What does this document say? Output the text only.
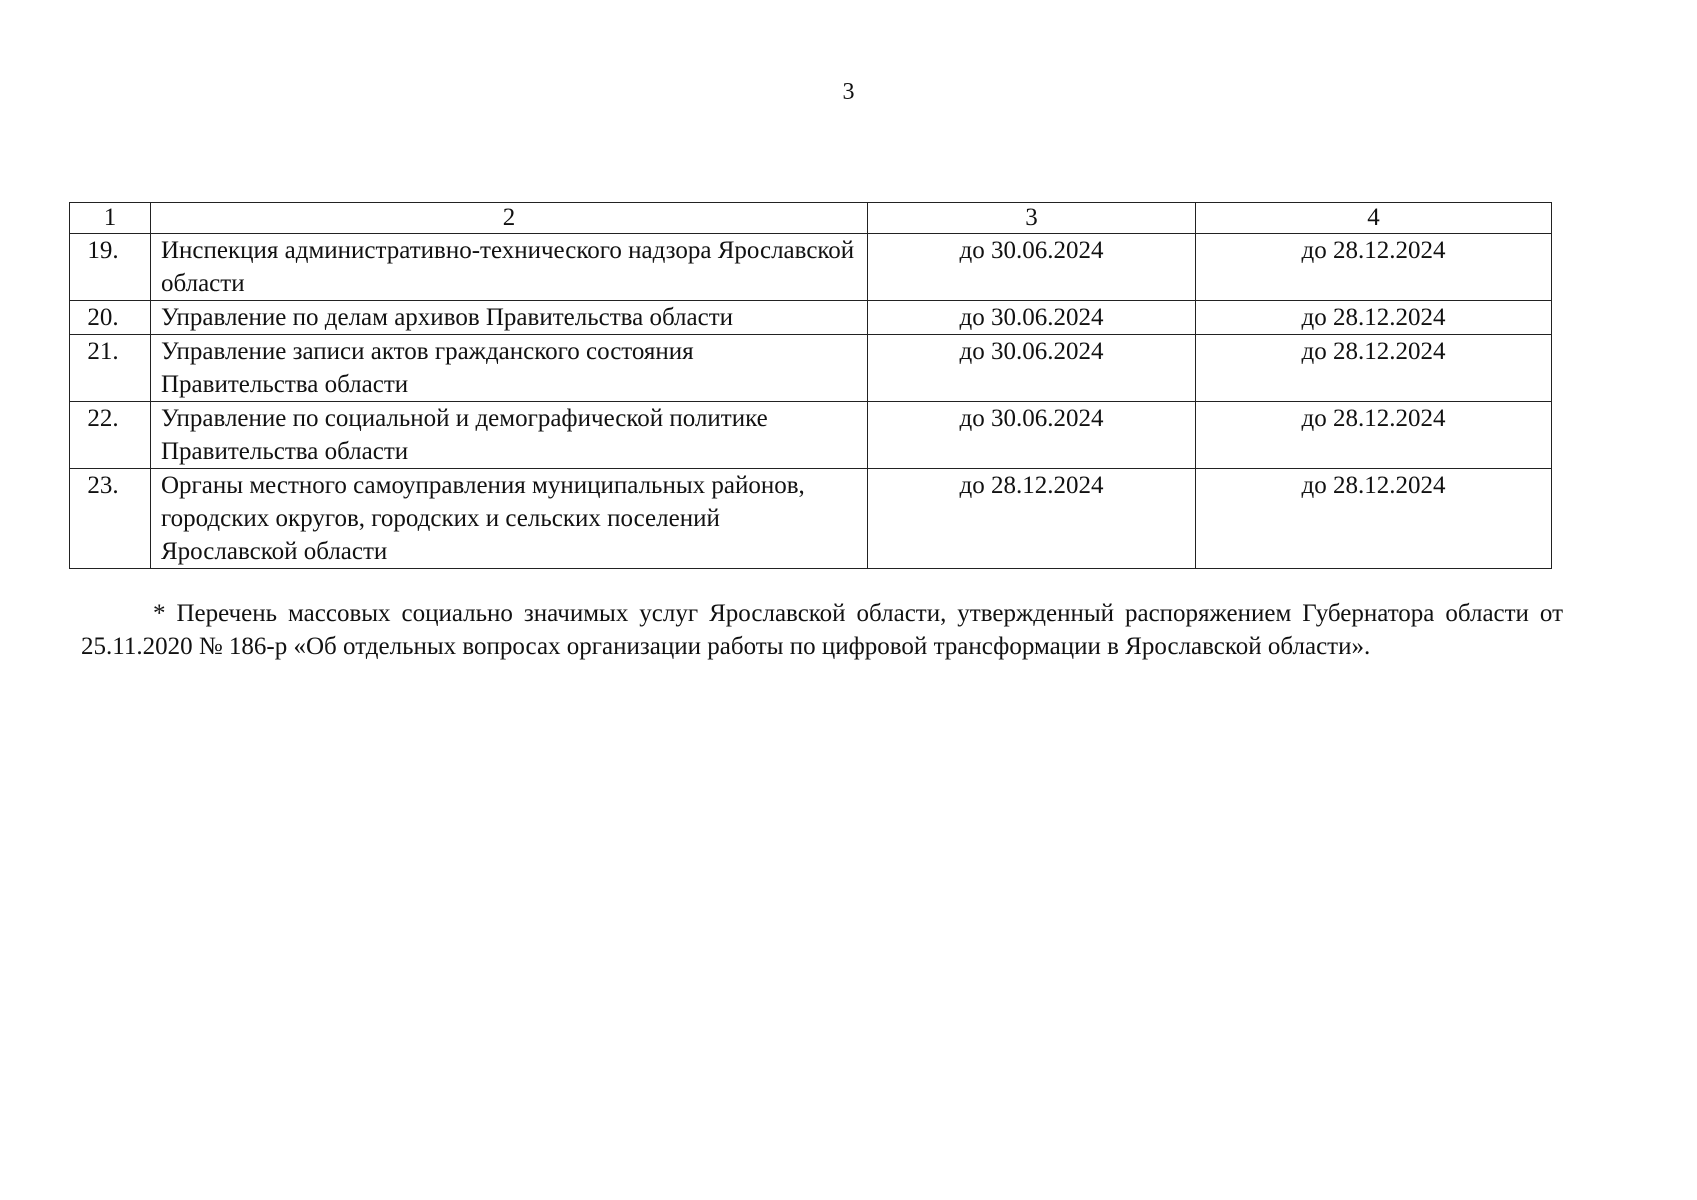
3
1	2	3	4
19.	Инспекция административно-технического надзора Ярославской области	до 30.06.2024	до 28.12.2024
20.	Управление по делам архивов Правительства области	до 30.06.2024	до 28.12.2024
21.	Управление записи актов гражданского состояния Правительства области	до 30.06.2024	до 28.12.2024
22.	Управление по социальной и демографической политике Правительства области	до 30.06.2024	до 28.12.2024
23.	Органы местного самоуправления муниципальных районов, городских округов, городских и сельских поселений Ярославской области	до 28.12.2024	до 28.12.2024

* Перечень массовых социально значимых услуг Ярославской области, утвержденный распоряжением Губернатора области от 25.11.2020 № 186-р «Об отдельных вопросах организации работы по цифровой трансформации в Ярославской области».
